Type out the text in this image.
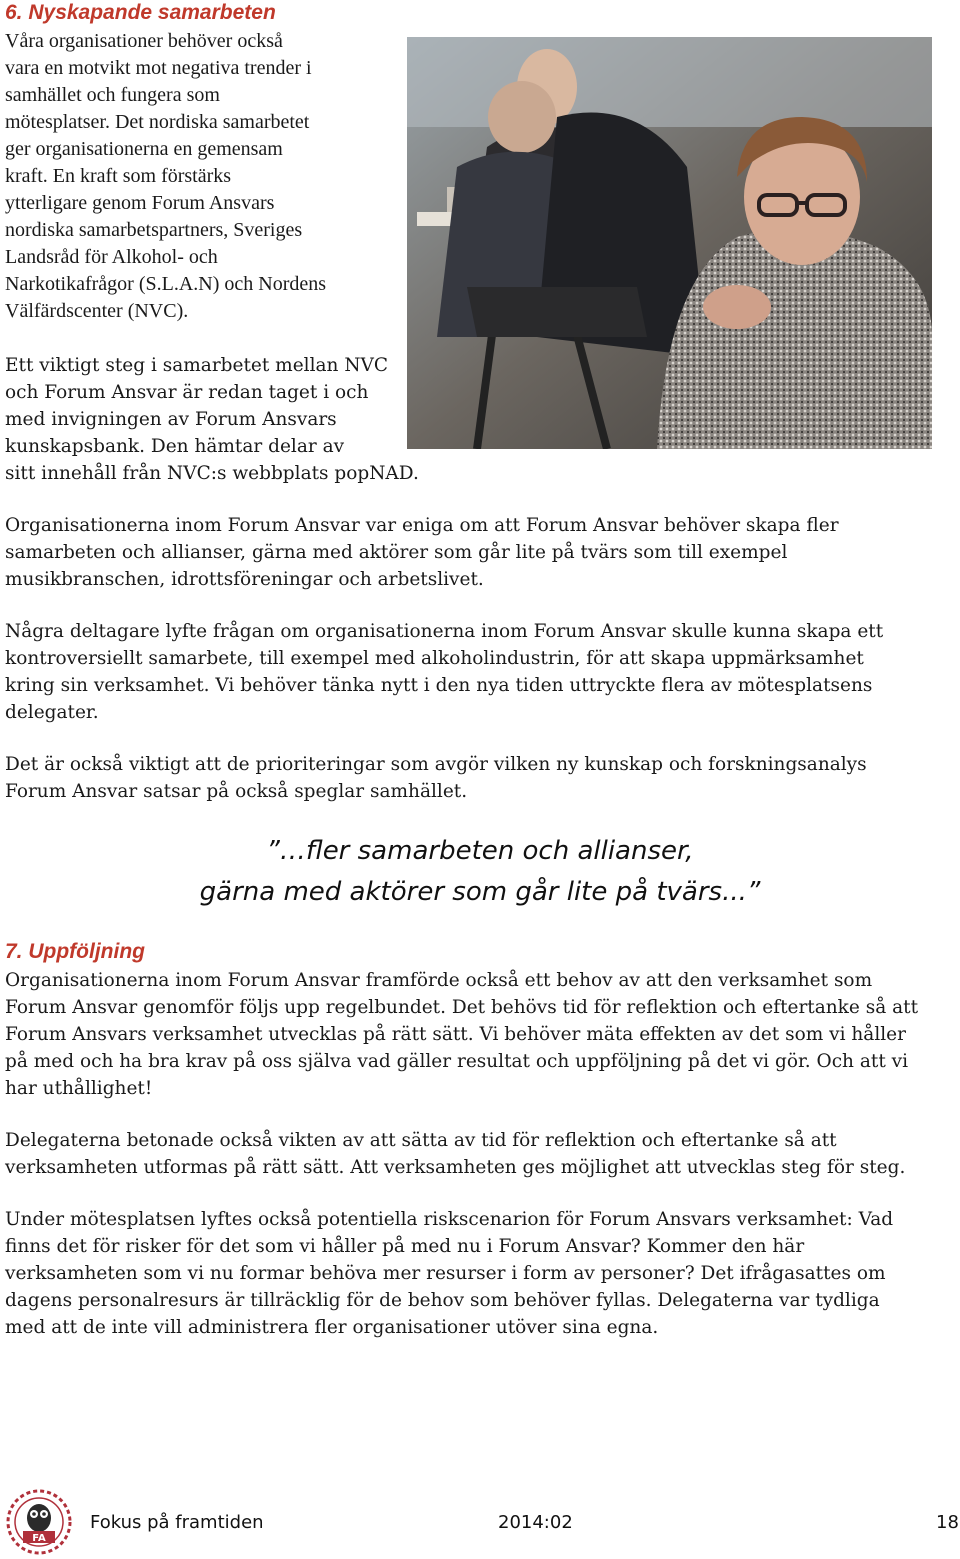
6. Nyskapande samarbeten

Våra organisationer behöver också
vara en motvikt mot negativa trender i
samhället och fungera som
mötesplatser. Det nordiska samarbetet
ger organisationerna en gemensam
kraft. En kraft som förstärks
ytterligare genom Forum Ansvars
nordiska samarbetspartners, Sveriges
Landsråd för Alkohol- och
Narkotikafrågor (S.L.A.N) och Nordens
Välfärdscenter (NVC).

Ett viktigt steg i samarbetet mellan NVC
och Forum Ansvar är redan taget i och
med invigningen av Forum Ansvars
kunskapsbank. Den hämtar delar av
sitt innehåll från NVC:s webbplats popNAD.

Organisationerna inom Forum Ansvar var eniga om att Forum Ansvar behöver skapa fler
samarbeten och allianser, gärna med aktörer som går lite på tvärs som till exempel
musikbranschen, idrottsföreningar och arbetslivet.

Några deltagare lyfte frågan om organisationerna inom Forum Ansvar skulle kunna skapa ett
kontroversiellt samarbete, till exempel med alkoholindustrin, för att skapa uppmärksamhet
kring sin verksamhet. Vi behöver tänka nytt i den nya tiden uttryckte flera av mötesplatsens
delegater.

Det är också viktigt att de prioriteringar som avgör vilken ny kunskap och forskningsanalys
Forum Ansvar satsar på också speglar samhället.

”…fler samarbeten och allianser,
gärna med aktörer som går lite på tvärs...”
7. Uppföljning

Organisationerna inom Forum Ansvar framförde också ett behov av att den verksamhet som
Forum Ansvar genomför följs upp regelbundet. Det behövs tid för reflektion och eftertanke så att
Forum Ansvars verksamhet utvecklas på rätt sätt. Vi behöver mäta effekten av det som vi håller
på med och ha bra krav på oss själva vad gäller resultat och uppföljning på det vi gör. Och att vi
har uthållighet!

Delegaterna betonade också vikten av att sätta av tid för reflektion och eftertanke så att
verksamheten utformas på rätt sätt. Att verksamheten ges möjlighet att utvecklas steg för steg.

Under mötesplatsen lyftes också potentiella riskscenarion för Forum Ansvars verksamhet: Vad
finns det för risker för det som vi håller på med nu i Forum Ansvar? Kommer den här
verksamheten som vi nu formar behöva mer resurser i form av personer? Det ifrågasattes om
dagens personalresurs är tillräcklig för de behov som behöver fyllas. Delegaterna var tydliga
med att de inte vill administrera fler organisationer utöver sina egna.

FA
Fokus på framtiden	2014:02	18
